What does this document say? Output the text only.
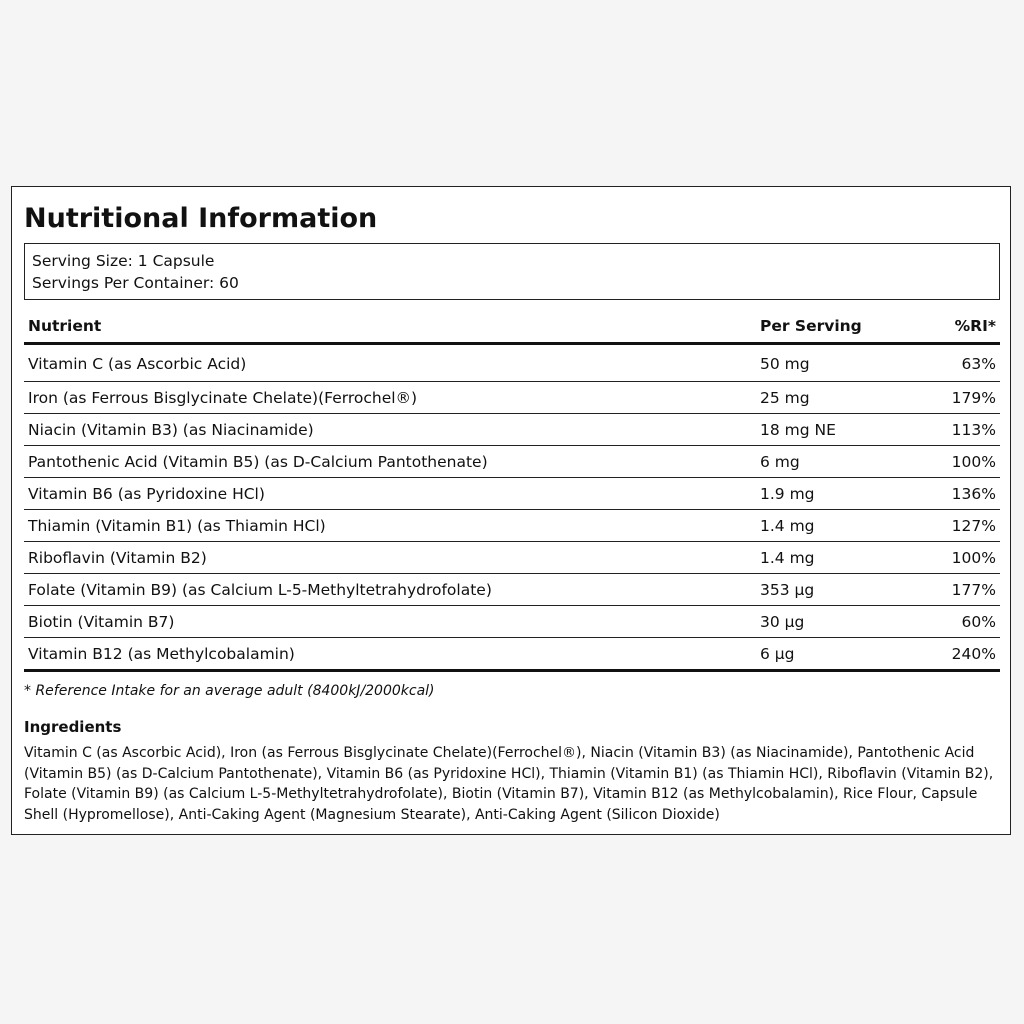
Nutritional Information
Serving Size: 1 Capsule
Servings Per Container: 60
Nutrient	Per Serving	%RI*
Vitamin C (as Ascorbic Acid)	50 mg	63%
Iron (as Ferrous Bisglycinate Chelate)(Ferrochel®)	25 mg	179%
Niacin (Vitamin B3) (as Niacinamide)	18 mg NE	113%
Pantothenic Acid (Vitamin B5) (as D-Calcium Pantothenate)	6 mg	100%
Vitamin B6 (as Pyridoxine HCl)	1.9 mg	136%
Thiamin (Vitamin B1) (as Thiamin HCl)	1.4 mg	127%
Riboflavin (Vitamin B2)	1.4 mg	100%
Folate (Vitamin B9) (as Calcium L-5-Methyltetrahydrofolate)	353 µg	177%
Biotin (Vitamin B7)	30 µg	60%
Vitamin B12 (as Methylcobalamin)	6 µg	240%
* Reference Intake for an average adult (8400kJ/2000kcal)
Ingredients
Vitamin C (as Ascorbic Acid), Iron (as Ferrous Bisglycinate Chelate)(Ferrochel®), Niacin (Vitamin B3) (as Niacinamide), Pantothenic Acid (Vitamin B5) (as D-Calcium Pantothenate), Vitamin B6 (as Pyridoxine HCl), Thiamin (Vitamin B1) (as Thiamin HCl), Riboflavin (Vitamin B2), Folate (Vitamin B9) (as Calcium L-5-Methyltetrahydrofolate), Biotin (Vitamin B7), Vitamin B12 (as Methylcobalamin), Rice Flour, Capsule Shell (Hypromellose), Anti-Caking Agent (Magnesium Stearate), Anti-Caking Agent (Silicon Dioxide)
